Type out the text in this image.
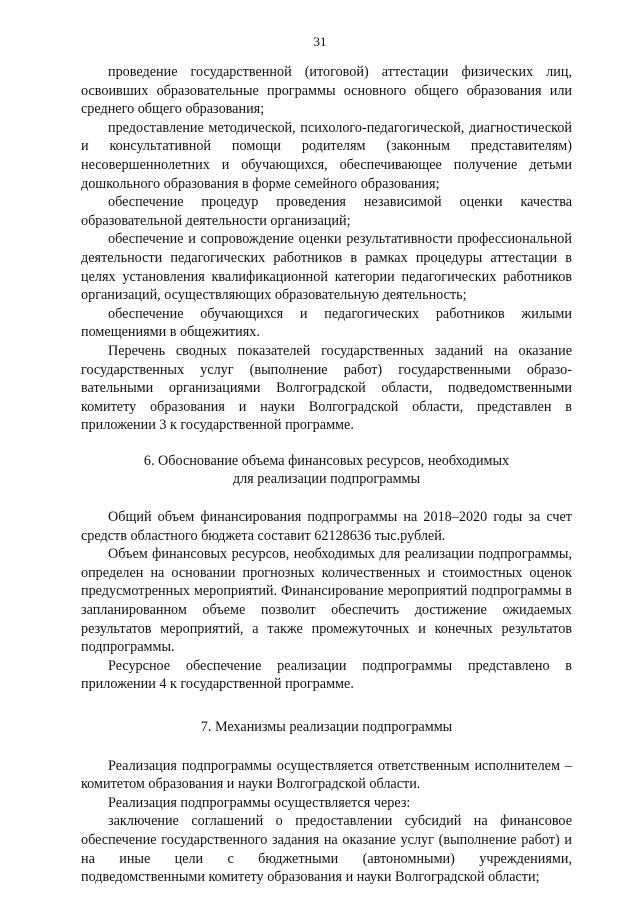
31

проведение государственной (итоговой) аттестации физических лиц, освоивших образовательные программы основного общего образования или среднего общего образования;

предоставление методической, психолого-педагогической, диагностической и консультативной помощи родителям (законным представителям) несовершеннолетних и обучающихся, обеспечивающее получение детьми дошкольного образования в форме семейного образования;

обеспечение процедур проведения независимой оценки качества образовательной деятельности организаций;

обеспечение и сопровождение оценки результативности профессиональной деятельности педагогических работников в рамках процедуры аттестации в целях установления квалификационной категории педагогических работников организаций, осуществляющих образовательную деятельность;

обеспечение обучающихся и педагогических работников жилыми помещениями в общежитиях.

Перечень сводных показателей государственных заданий на оказание государственных услуг (выполнение работ) государственными образовательными организациями Волгоградской области, подведомственными комитету образования и науки Волгоградской области, представлен в приложении 3 к государственной программе.

6. Обоснование объема финансовых ресурсов, необходимых

для реализации подпрограммы

Общий объем финансирования подпрограммы на 2018–2020 годы за счет средств областного бюджета составит 62128636 тыс.рублей.

Объем финансовых ресурсов, необходимых для реализации подпрограммы, определен на основании прогнозных количественных и стоимостных оценок предусмотренных мероприятий. Финансирование мероприятий подпрограммы в запланированном объеме позволит обеспечить достижение ожидаемых результатов мероприятий, а также промежуточных и конечных результатов подпрограммы.

Ресурсное обеспечение реализации подпрограммы представлено в приложении 4 к государственной программе.

7. Механизмы реализации подпрограммы

Реализация подпрограммы осуществляется ответственным исполнителем – комитетом образования и науки Волгоградской области.

Реализация подпрограммы осуществляется через:

заключение соглашений о предоставлении субсидий на финансовое обеспечение государственного задания на оказание услуг (выполнение работ) и на иные цели с бюджетными (автономными) учреждениями, подведомственными комитету образования и науки Волгоградской области;
